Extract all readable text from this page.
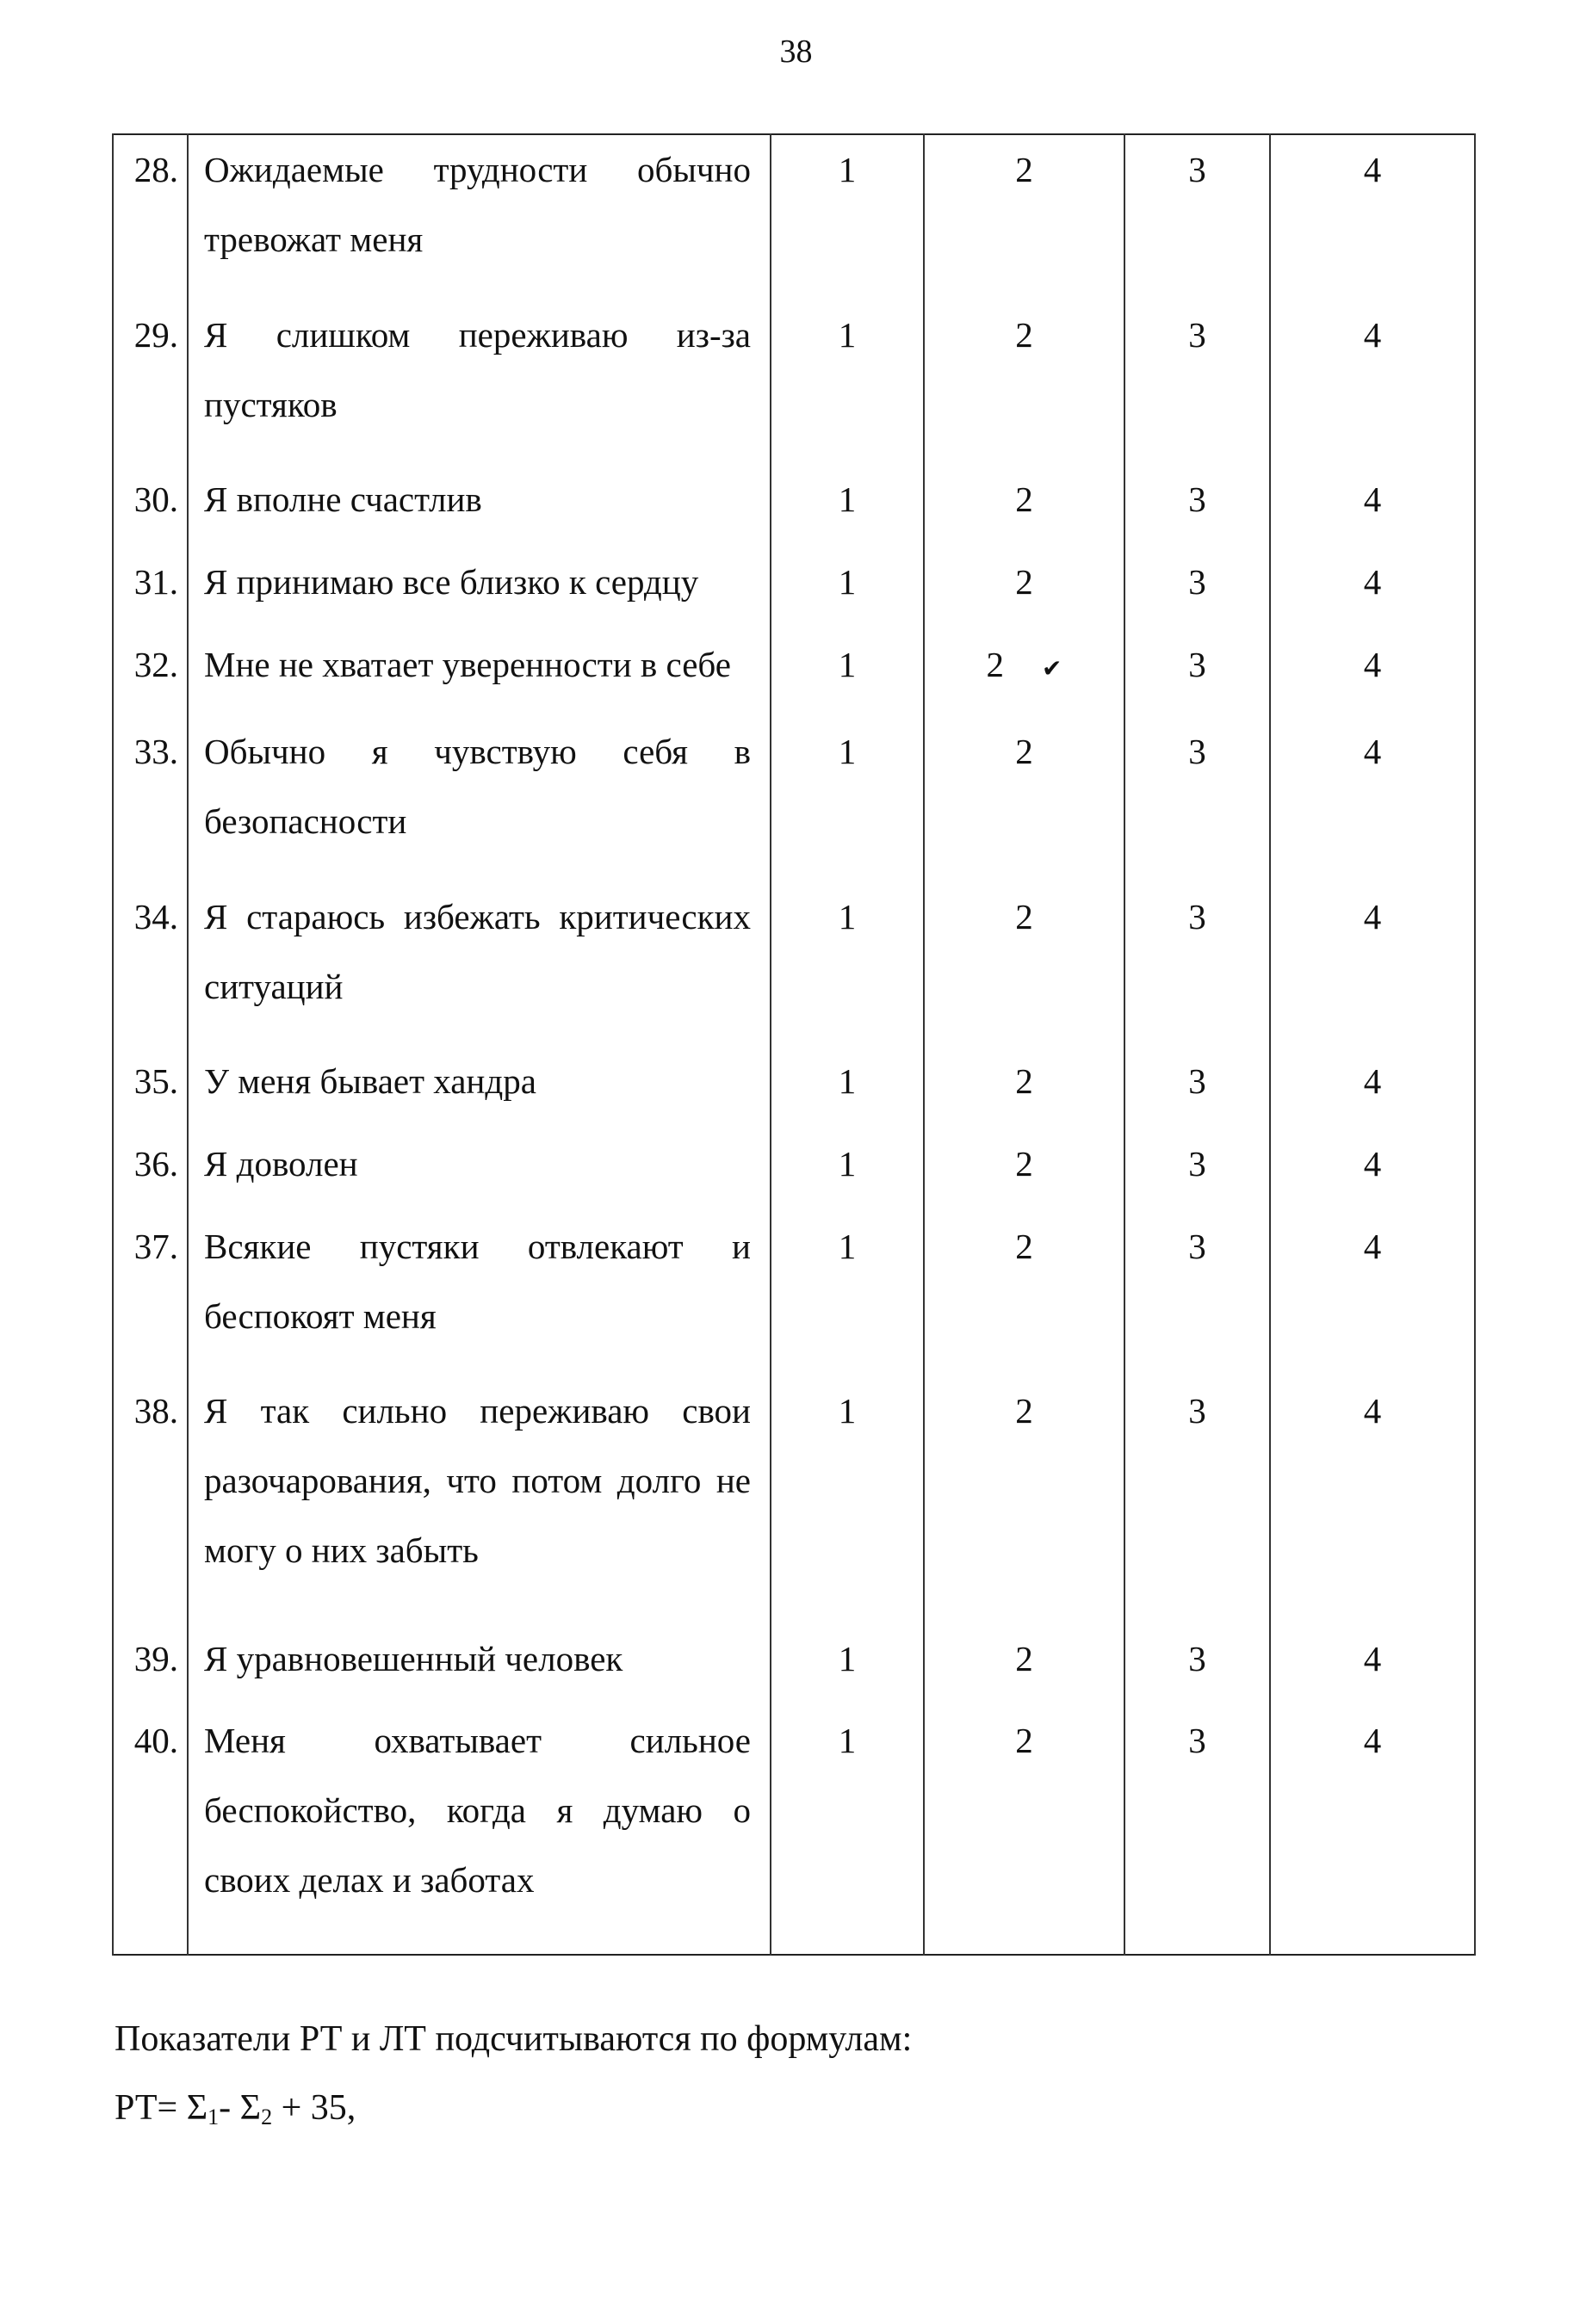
38
28.	Ожидаемые трудности обычно тревожат меня	1	2	3	4
29.	Я слишком переживаю из-за пустяков	1	2	3	4
30.	Я вполне счастлив	1	2	3	4
31.	Я принимаю все близко к сердцу	1	2	3	4
32.	Мне не хватает уверенности в себе	1	2 ✔	3	4
33.	Обычно я чувствую себя в безопасности	1	2	3	4
34.	Я стараюсь избежать критических ситуаций	1	2	3	4
35.	У меня бывает хандра	1	2	3	4
36.	Я доволен	1	2	3	4
37.	Всякие пустяки отвлекают и беспокоят меня	1	2	3	4
38.	Я так сильно переживаю свои разочарования, что потом долго не могу о них забыть	1	2	3	4
39.	Я уравновешенный человек	1	2	3	4
40.	Меня охватывает сильное беспокойство, когда я думаю о своих делах и заботах	1	2	3	4

Показатели РТ и ЛТ подсчитываются по формулам:
$РТ= \Sigma_1-$ $\Sigma_2 + 35$,
